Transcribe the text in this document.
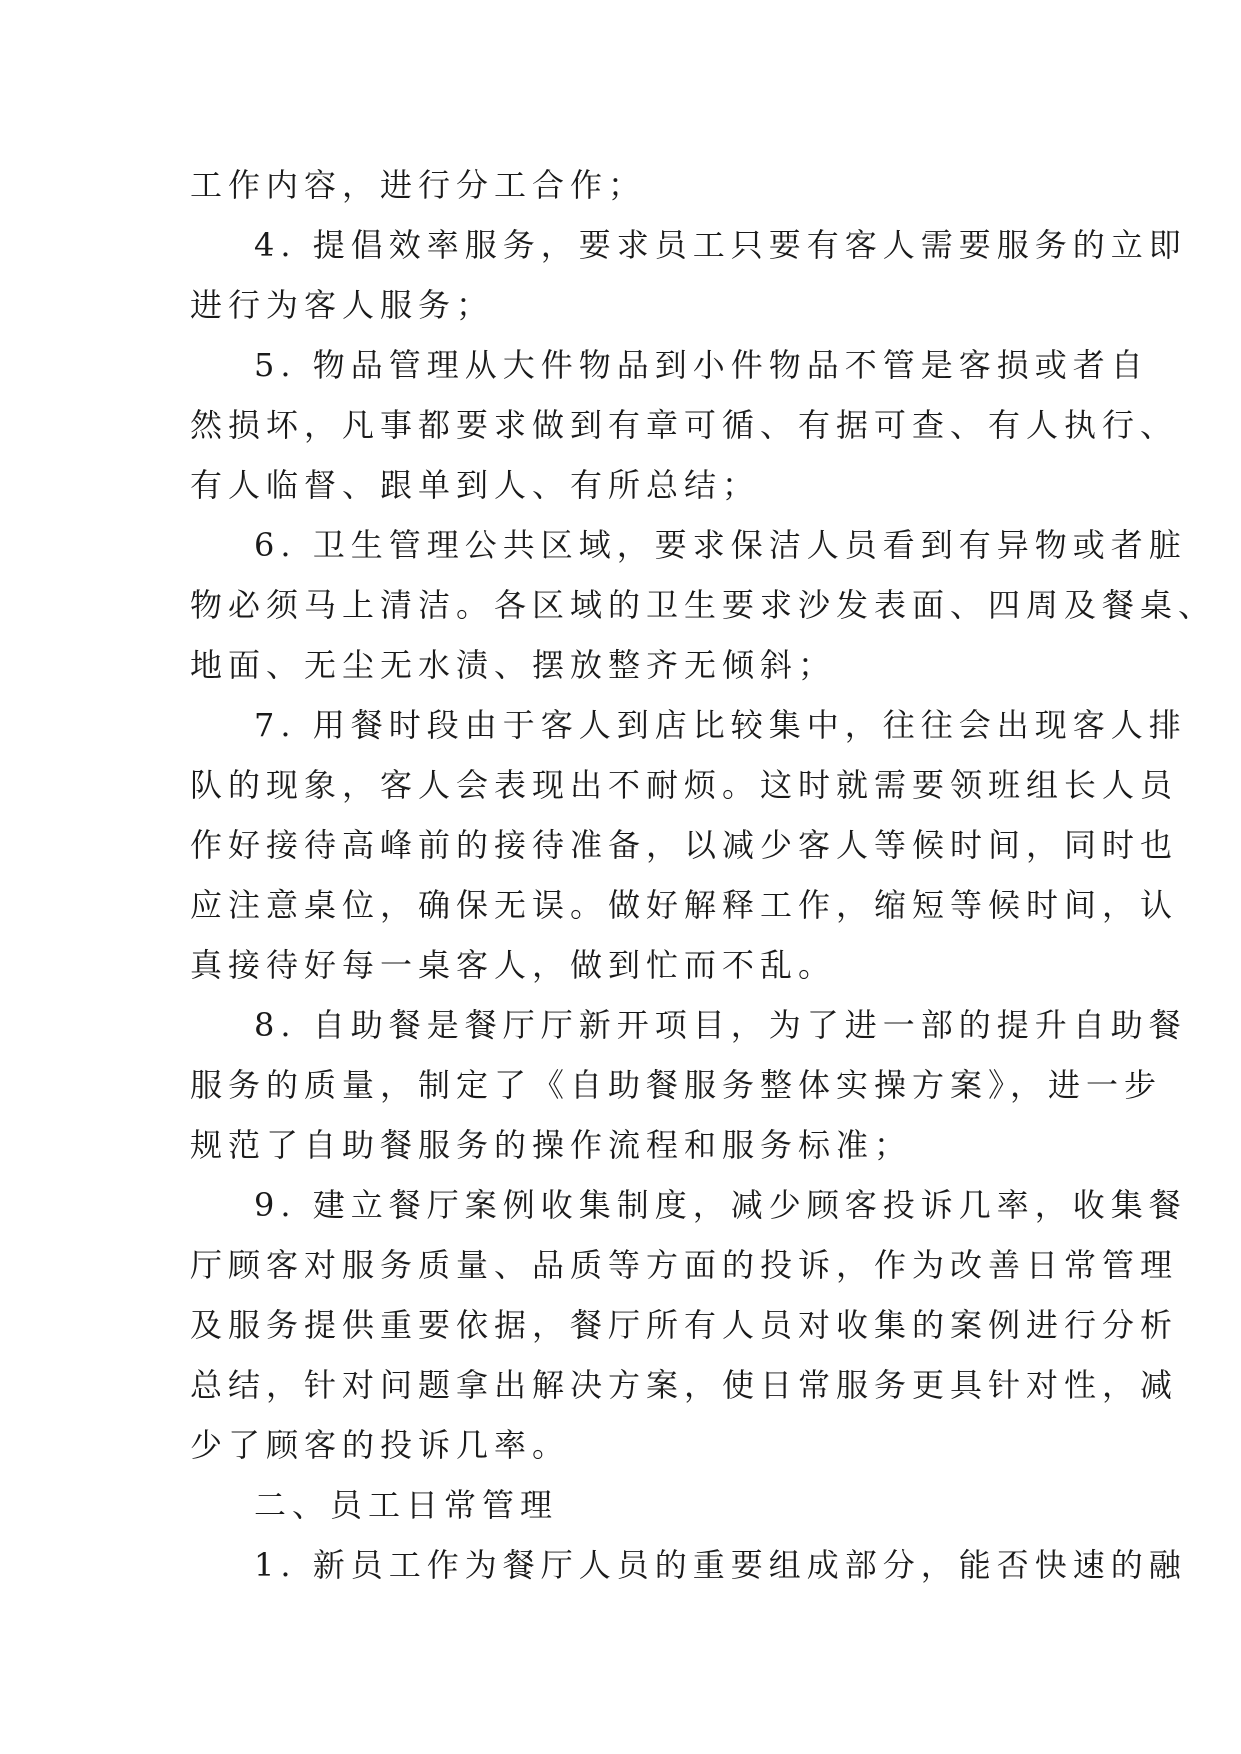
工作内容，进行分工合作；
4. 提倡效率服务，要求员工只要有客人需要服务的立即
进行为客人服务；
5. 物品管理从大件物品到小件物品不管是客损或者自
然损坏，凡事都要求做到有章可循、有据可查、有人执行、
有人临督、跟单到人、有所总结；
6. 卫生管理公共区域，要求保洁人员看到有异物或者脏
物必须马上清洁。各区域的卫生要求沙发表面、四周及餐桌、
地面、无尘无水渍、摆放整齐无倾斜；
7. 用餐时段由于客人到店比较集中，往往会出现客人排
队的现象，客人会表现出不耐烦。这时就需要领班组长人员
作好接待高峰前的接待准备，以减少客人等候时间，同时也
应注意桌位，确保无误。做好解释工作，缩短等候时间，认
真接待好每一桌客人，做到忙而不乱。
8. 自助餐是餐厅厅新开项目，为了进一部的提升自助餐
服务的质量，制定了《自助餐服务整体实操方案》，进一步
规范了自助餐服务的操作流程和服务标准；
9. 建立餐厅案例收集制度，减少顾客投诉几率，收集餐
厅顾客对服务质量、品质等方面的投诉，作为改善日常管理
及服务提供重要依据，餐厅所有人员对收集的案例进行分析
总结，针对问题拿出解决方案，使日常服务更具针对性，减
少了顾客的投诉几率。
二、员工日常管理
1. 新员工作为餐厅人员的重要组成部分，能否快速的融
